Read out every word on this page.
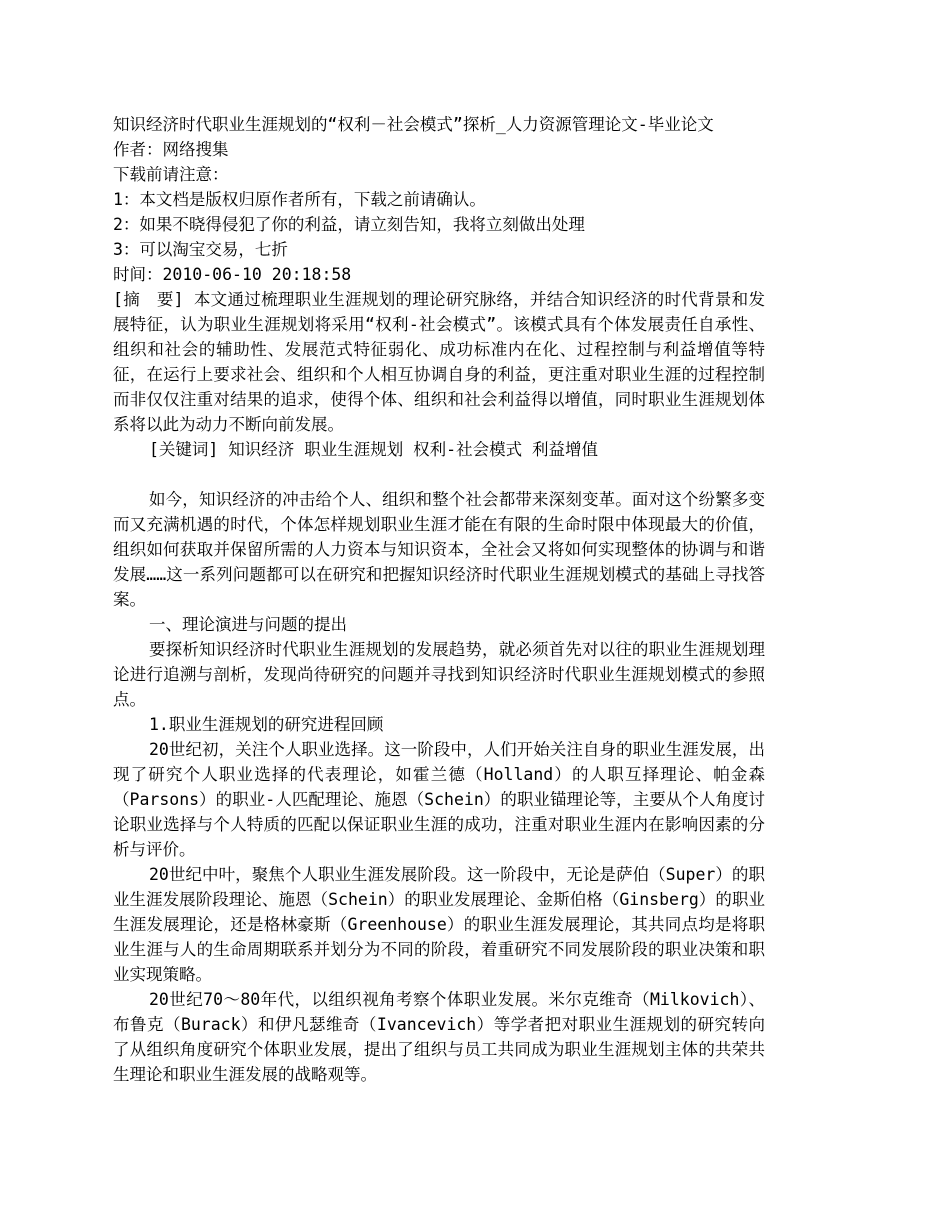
知识经济时代职业生涯规划的“权利－社会模式”探析_人力资源管理论文-毕业论文

作者：网络搜集

下载前请注意：

1：本文档是版权归原作者所有，下载之前请确认。

2：如果不晓得侵犯了你的利益，请立刻告知，我将立刻做出处理

3：可以淘宝交易，七折

时间：2010-06-10 20:18:58

[摘　要] 本文通过梳理职业生涯规划的理论研究脉络，并结合知识经济的时代背景和发展特征，认为职业生涯规划将采用“权利-社会模式”。该模式具有个体发展责任自承性、组织和社会的辅助性、发展范式特征弱化、成功标准内在化、过程控制与利益增值等特征，在运行上要求社会、组织和个人相互协调自身的利益，更注重对职业生涯的过程控制而非仅仅注重对结果的追求，使得个体、组织和社会利益得以增值，同时职业生涯规划体系将以此为动力不断向前发展。

[关键词] 知识经济 职业生涯规划 权利-社会模式 利益增值

如今，知识经济的冲击给个人、组织和整个社会都带来深刻变革。面对这个纷繁多变而又充满机遇的时代，个体怎样规划职业生涯才能在有限的生命时限中体现最大的价值，组织如何获取并保留所需的人力资本与知识资本，全社会又将如何实现整体的协调与和谐发展……这一系列问题都可以在研究和把握知识经济时代职业生涯规划模式的基础上寻找答案。

一、理论演进与问题的提出

要探析知识经济时代职业生涯规划的发展趋势，就必须首先对以往的职业生涯规划理论进行追溯与剖析，发现尚待研究的问题并寻找到知识经济时代职业生涯规划模式的参照点。

1.职业生涯规划的研究进程回顾

20世纪初，关注个人职业选择。这一阶段中，人们开始关注自身的职业生涯发展，出现了研究个人职业选择的代表理论，如霍兰德（Holland）的人职互择理论、帕金森（Parsons）的职业-人匹配理论、施恩（Schein）的职业锚理论等，主要从个人角度讨论职业选择与个人特质的匹配以保证职业生涯的成功，注重对职业生涯内在影响因素的分析与评价。

20世纪中叶，聚焦个人职业生涯发展阶段。这一阶段中，无论是萨伯（Super）的职业生涯发展阶段理论、施恩（Schein）的职业发展理论、金斯伯格（Ginsberg）的职业生涯发展理论，还是格林豪斯（Greenhouse）的职业生涯发展理论，其共同点均是将职业生涯与人的生命周期联系并划分为不同的阶段，着重研究不同发展阶段的职业决策和职业实现策略。

20世纪70～80年代，以组织视角考察个体职业发展。米尔克维奇（Milkovich）、布鲁克（Burack）和伊凡瑟维奇（Ivancevich）等学者把对职业生涯规划的研究转向了从组织角度研究个体职业发展，提出了组织与员工共同成为职业生涯规划主体的共荣共生理论和职业生涯发展的战略观等。
